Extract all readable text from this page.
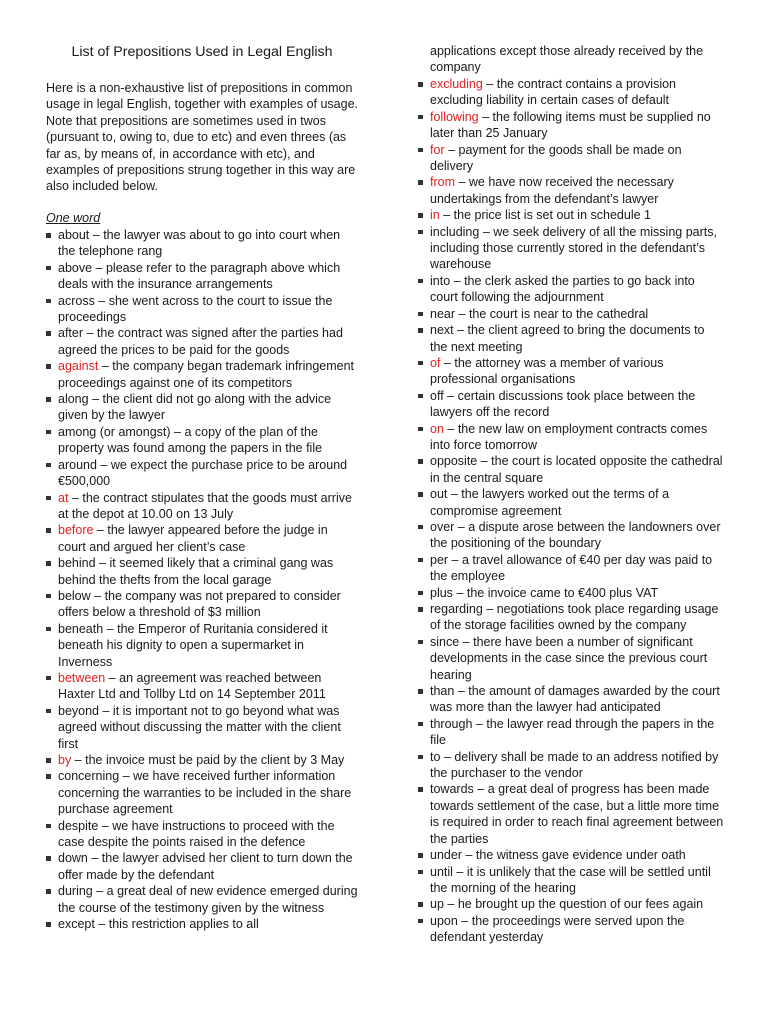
List of Prepositions Used in Legal English

Here is a non-exhaustive list of prepositions in common usage in legal English, together with examples of usage. Note that prepositions are sometimes used in twos (pursuant to, owing to, due to etc) and even threes (as far as, by means of, in accordance with etc), and examples of prepositions strung together in this way are also included below.

One word
about – the lawyer was about to go into court when the telephone rang
above – please refer to the paragraph above which deals with the insurance arrangements
across – she went across to the court to issue the proceedings
after – the contract was signed after the parties had agreed the prices to be paid for the goods
against – the company began trademark infringement proceedings against one of its competitors
along – the client did not go along with the advice given by the lawyer
among (or amongst) – a copy of the plan of the property was found among the papers in the file
around – we expect the purchase price to be around €500,000
at – the contract stipulates that the goods must arrive at the depot at 10.00 on 13 July
before – the lawyer appeared before the judge in court and argued her client’s case
behind – it seemed likely that a criminal gang was behind the thefts from the local garage
below – the company was not prepared to consider offers below a threshold of $3 million
beneath – the Emperor of Ruritania considered it beneath his dignity to open a supermarket in Inverness
between – an agreement was reached between Haxter Ltd and Tollby Ltd on 14 September 2011
beyond – it is important not to go beyond what was agreed without discussing the matter with the client first
by – the invoice must be paid by the client by 3 May
concerning – we have received further information concerning the warranties to be included in the share purchase agreement
despite – we have instructions to proceed with the case despite the points raised in the defence
down – the lawyer advised her client to turn down the offer made by the defendant
during – a great deal of new evidence emerged during the course of the testimony given by the witness
except – this restriction applies to all
applications except those already received by the company
excluding – the contract contains a provision excluding liability in certain cases of default
following – the following items must be supplied no later than 25 January
for – payment for the goods shall be made on delivery
from – we have now received the necessary undertakings from the defendant’s lawyer
in – the price list is set out in schedule 1
including – we seek delivery of all the missing parts, including those currently stored in the defendant’s warehouse
into – the clerk asked the parties to go back into court following the adjournment
near – the court is near to the cathedral
next – the client agreed to bring the documents to the next meeting
of – the attorney was a member of various professional organisations
off – certain discussions took place between the lawyers off the record
on – the new law on employment contracts comes into force tomorrow
opposite – the court is located opposite the cathedral in the central square
out – the lawyers worked out the terms of a compromise agreement
over – a dispute arose between the landowners over the positioning of the boundary
per – a travel allowance of €40 per day was paid to the employee
plus – the invoice came to €400 plus VAT
regarding – negotiations took place regarding usage of the storage facilities owned by the company
since – there have been a number of significant developments in the case since the previous court hearing
than – the amount of damages awarded by the court was more than the lawyer had anticipated
through – the lawyer read through the papers in the file
to – delivery shall be made to an address notified by the purchaser to the vendor
towards – a great deal of progress has been made towards settlement of the case, but a little more time is required in order to reach final agreement between the parties
under – the witness gave evidence under oath
until – it is unlikely that the case will be settled until the morning of the hearing
up – he brought up the question of our fees again
upon – the proceedings were served upon the defendant yesterday
